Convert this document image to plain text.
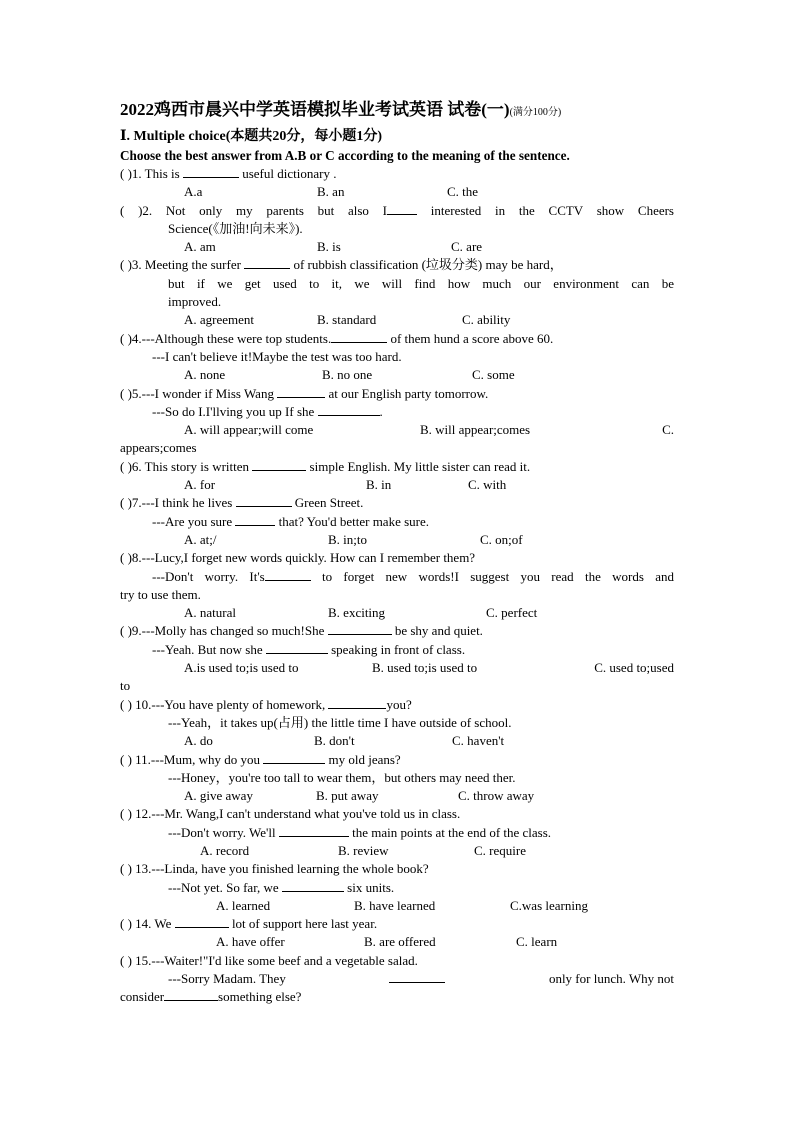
2022鸡西市晨兴中学英语模拟毕业考试英语 试卷(一)(满分100分)
Ⅰ. Multiple choice(本题共20分，每小题1分)
Choose the best answer from A.B or C according to the meaning of the sentence.
( )1. This is	useful dictionary .
A.a	B. an	C. the
( )2. Not only my parents but also I interested in the CCTV show Cheers
Science(《加油!向未来》).
A. am	B. is	C. are
( )3. Meeting the surfer	of rubbish classification (垃圾分类) may be hard，
but if we get used to it, we will find how much our environment can be
improved.
A. agreement	B. standard	C. ability
( )4.---Although these were top students.	of them hund a score above 60.
---I can't believe it!Maybe the test was too hard.
A. none	B. no one	C. some
( )5.---I wonder if Miss Wang	at our English party tomorrow.
---So do I.I'llving you up If she	.
A. will appear;will come	B. will appear;comes	C.
appears;comes
( )6. This story is written	simple English. My little sister can read it.
A. for	B. in	C. with
( )7.---I think he lives	Green Street.
---Are you sure	that? You'd better make sure.
A. at;/	B. in;to	C. on;of
( )8.---Lucy,I forget new words quickly. How can I remember them?
---Don't worry. It's	to forget new words!I suggest you read the words and
try to use them.
A. natural	B. exciting	C. perfect
( )9.---Molly has changed so much!She	be shy and quiet.
---Yeah. But now she	speaking in front of class.
A.is used to;is used to	B. used to;is used to	C. used to;used
to
( ) 10.---You have plenty of homework,	you?
---Yeah，it takes up(占用) the little time I have outside of school.
A. do	B. don't	C. haven't
( ) 11.---Mum, why do you	my old jeans?
---Honey，you're too tall to wear them，but others may need ther.
A. give away	B. put away	C. throw away
( ) 12.---Mr. Wang,I can't understand what you've told us in class.
---Don't worry. We'll	the main points at the end of the class.
A. record	B. review	C. require
( ) 13.---Linda, have you finished learning the whole book?
---Not yet. So far, we	six units.
A. learned	B. have learned	C.was learning
( ) 14. We	lot of support here last year.
A. have offer	B. are offered	C. learn
( ) 15.---Waiter!"I'd like some beef and a vegetable salad.
---Sorry Madam. They	only for lunch. Why not
consider	something else?
